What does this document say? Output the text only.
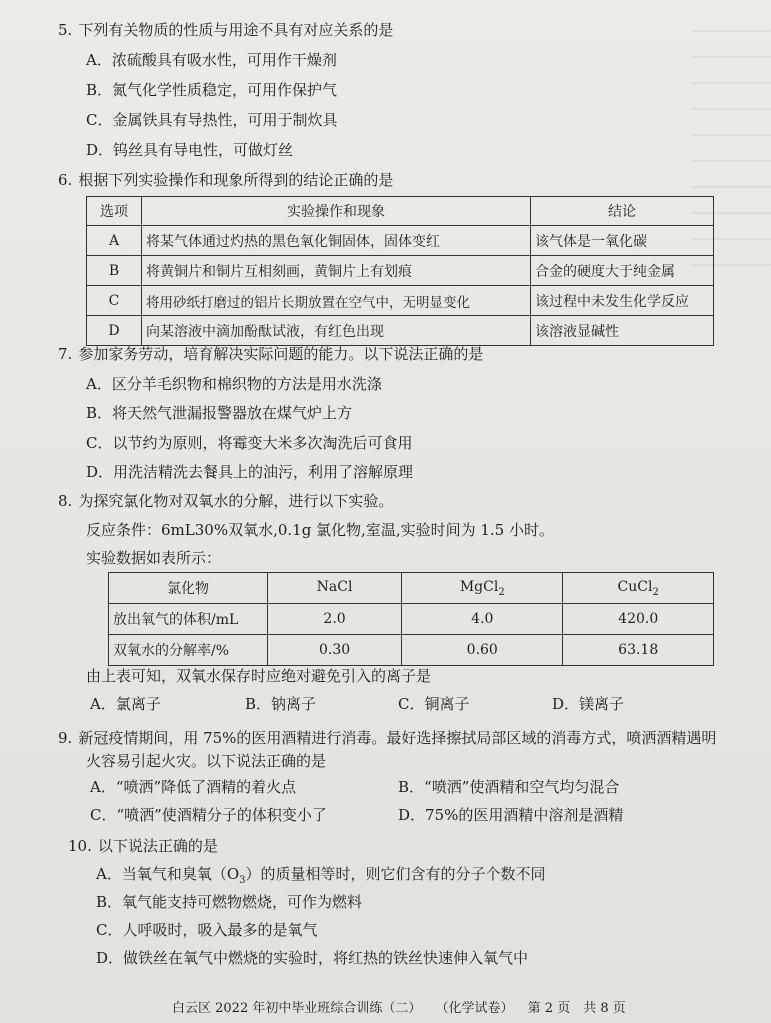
5. 下列有关物质的性质与用途不具有对应关系的是
A．浓硫酸具有吸水性，可用作干燥剂
B．氮气化学性质稳定，可用作保护气
C．金属铁具有导热性，可用于制炊具
D．钨丝具有导电性，可做灯丝
6. 根据下列实验操作和现象所得到的结论正确的是
选项	实验操作和现象	结论
A	将某气体通过灼热的黑色氧化铜固体，固体变红	该气体是一氧化碳
B	将黄铜片和铜片互相刻画，黄铜片上有划痕	合金的硬度大于纯金属
C	将用砂纸打磨过的铝片长期放置在空气中，无明显变化	该过程中未发生化学反应
D	向某溶液中滴加酚酞试液，有红色出现	该溶液显碱性
7. 参加家务劳动，培育解决实际问题的能力。以下说法正确的是
A．区分羊毛织物和棉织物的方法是用水洗涤
B．将天然气泄漏报警器放在煤气炉上方
C．以节约为原则，将霉变大米多次淘洗后可食用
D．用洗洁精洗去餐具上的油污，利用了溶解原理
8. 为探究氯化物对双氧水的分解，进行以下实验。
反应条件：6mL30%双氧水,0.1g 氯化物,室温,实验时间为 1.5 小时。
实验数据如表所示：
氯化物	NaCl	MgCl$_2$	CuCl$_2$
放出氧气的体积/mL	2.0	4.0	420.0
双氧水的分解率/%	0.30	0.60	63.18
由上表可知，双氧水保存时应绝对避免引入的离子是
A．氯离子	B．钠离子	C．铜离子	D．镁离子
9. 新冠疫情期间，用 75%的医用酒精进行消毒。最好选择擦拭局部区域的消毒方式，喷洒酒精遇明
火容易引起火灾。以下说法正确的是
A．“喷洒”降低了酒精的着火点	B．“喷洒”使酒精和空气均匀混合
C．“喷洒”使酒精分子的体积变小了	D．75%的医用酒精中溶剂是酒精
10. 以下说法正确的是
A．当氧气和臭氧$(O_3)$的质量相等时，则它们含有的分子个数不同
B．氧气能支持可燃物燃烧，可作为燃料
C．人呼吸时，吸入最多的是氧气
D．做铁丝在氧气中燃烧的实验时，将红热的铁丝快速伸入氧气中
白云区 2022 年初中毕业班综合训练（二） （化学试卷） 第 2 页　共 8 页
